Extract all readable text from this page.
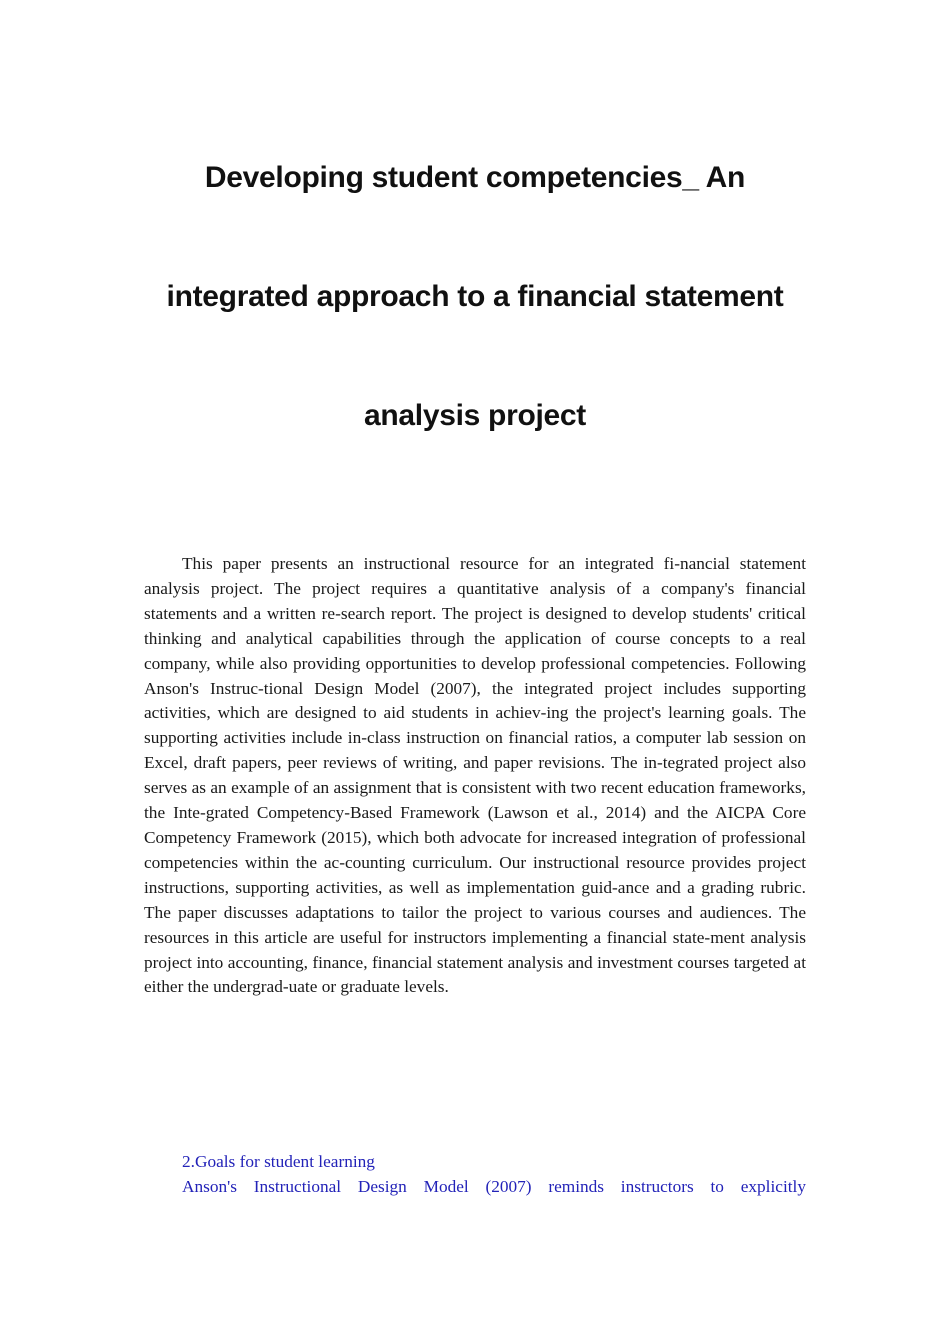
Developing student competencies_ An
integrated approach to a financial statement
analysis project

This paper presents an instructional resource for an integrated fi-nancial statement analysis project. The project requires a quantitative analysis of a company's financial statements and a written re-search report. The project is designed to develop students' critical thinking and analytical capabilities through the application of course concepts to a real company, while also providing opportunities to develop professional competencies. Following Anson's Instruc-tional Design Model (2007), the integrated project includes supporting activities, which are designed to aid students in achiev-ing the project's learning goals. The supporting activities include in-class instruction on financial ratios, a computer lab session on Excel, draft papers, peer reviews of writing, and paper revisions. The in-tegrated project also serves as an example of an assignment that is consistent with two recent education frameworks, the Inte-grated Competency-Based Framework (Lawson et al., 2014) and the AICPA Core Competency Framework (2015), which both advocate for increased integration of professional competencies within the ac-counting curriculum. Our instructional resource provides project instructions, supporting activities, as well as implementation guid-ance and a grading rubric. The paper discusses adaptations to tailor the project to various courses and audiences. The resources in this article are useful for instructors implementing a financial state-ment analysis project into accounting, finance, financial statement analysis and investment courses targeted at either the undergrad-uate or graduate levels.

2.Goals for student learning

Anson's Instructional Design Model (2007) reminds instructors to explicitly
